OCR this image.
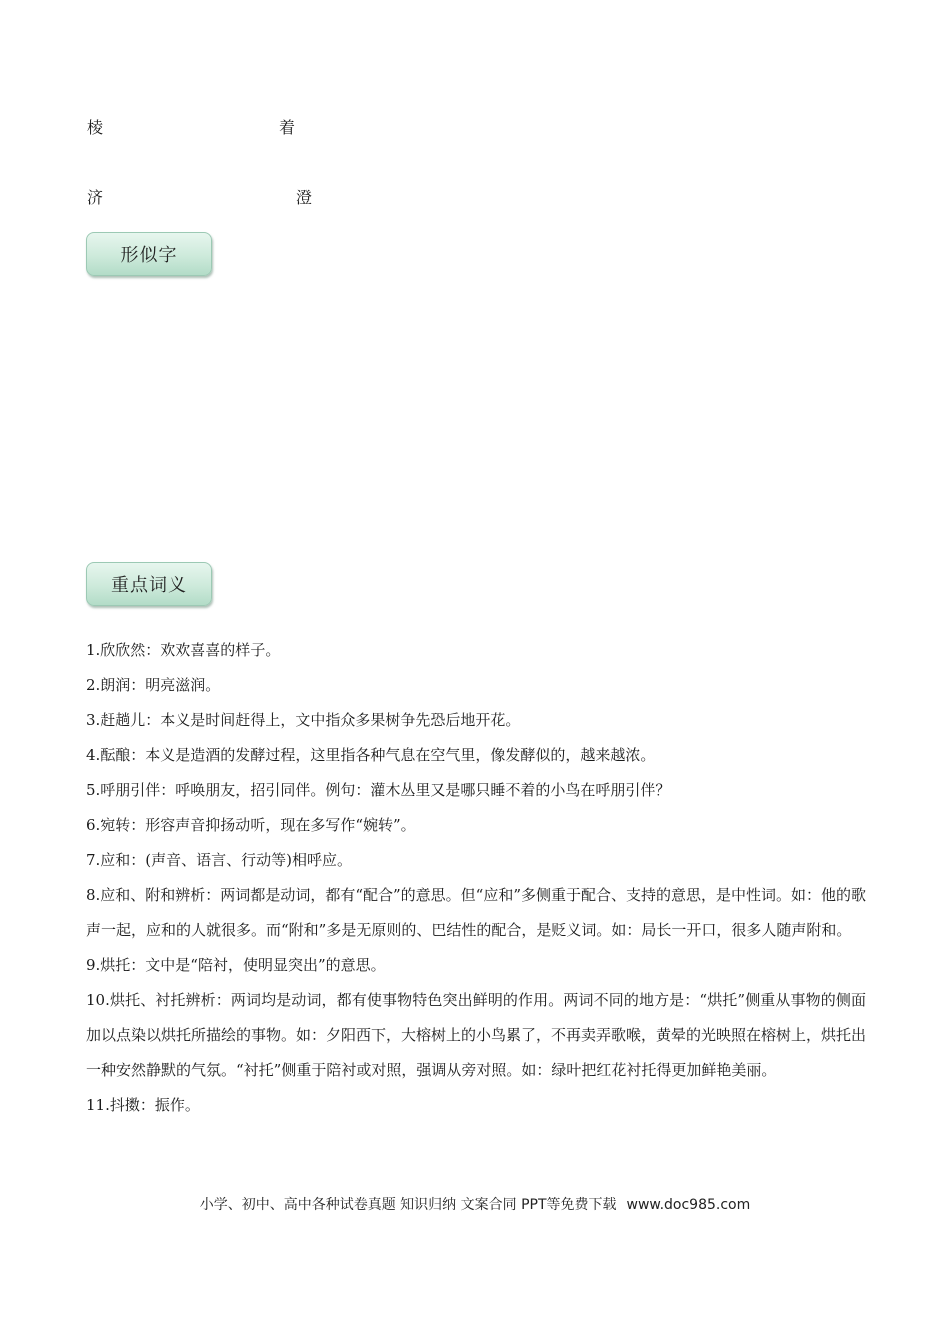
棱	着
济	澄
形似字
重点词义

1.欣欣然：欢欢喜喜的样子。

2.朗润：明亮滋润。

3.赶趟儿：本义是时间赶得上，文中指众多果树争先恐后地开花。

4.酝酿：本义是造酒的发酵过程，这里指各种气息在空气里，像发酵似的，越来越浓。

5.呼朋引伴：呼唤朋友，招引同伴。例句：灌木丛里又是哪只睡不着的小鸟在呼朋引伴？

6.宛转：形容声音抑扬动听，现在多写作“婉转”。

7.应和：(声音、语言、行动等)相呼应。

8.应和、附和辨析：两词都是动词，都有“配合”的意思。但“应和”多侧重于配合、支持的意思，是中性词。如：他的歌声一起，应和的人就很多。而“附和”多是无原则的、巴结性的配合，是贬义词。如：局长一开口，很多人随声附和。

9.烘托：文中是“陪衬，使明显突出”的意思。

10.烘托、衬托辨析：两词均是动词，都有使事物特色突出鲜明的作用。两词不同的地方是：“烘托”侧重从事物的侧面加以点染以烘托所描绘的事物。如：夕阳西下，大榕树上的小鸟累了，不再卖弄歌喉，黄晕的光映照在榕树上，烘托出一种安然静默的气氛。“衬托”侧重于陪衬或对照，强调从旁对照。如：绿叶把红花衬托得更加鲜艳美丽。

11.抖擞：振作。

小学、初中、高中各种试卷真题 知识归纳 文案合同 PPT等免费下载 www.doc985.com
